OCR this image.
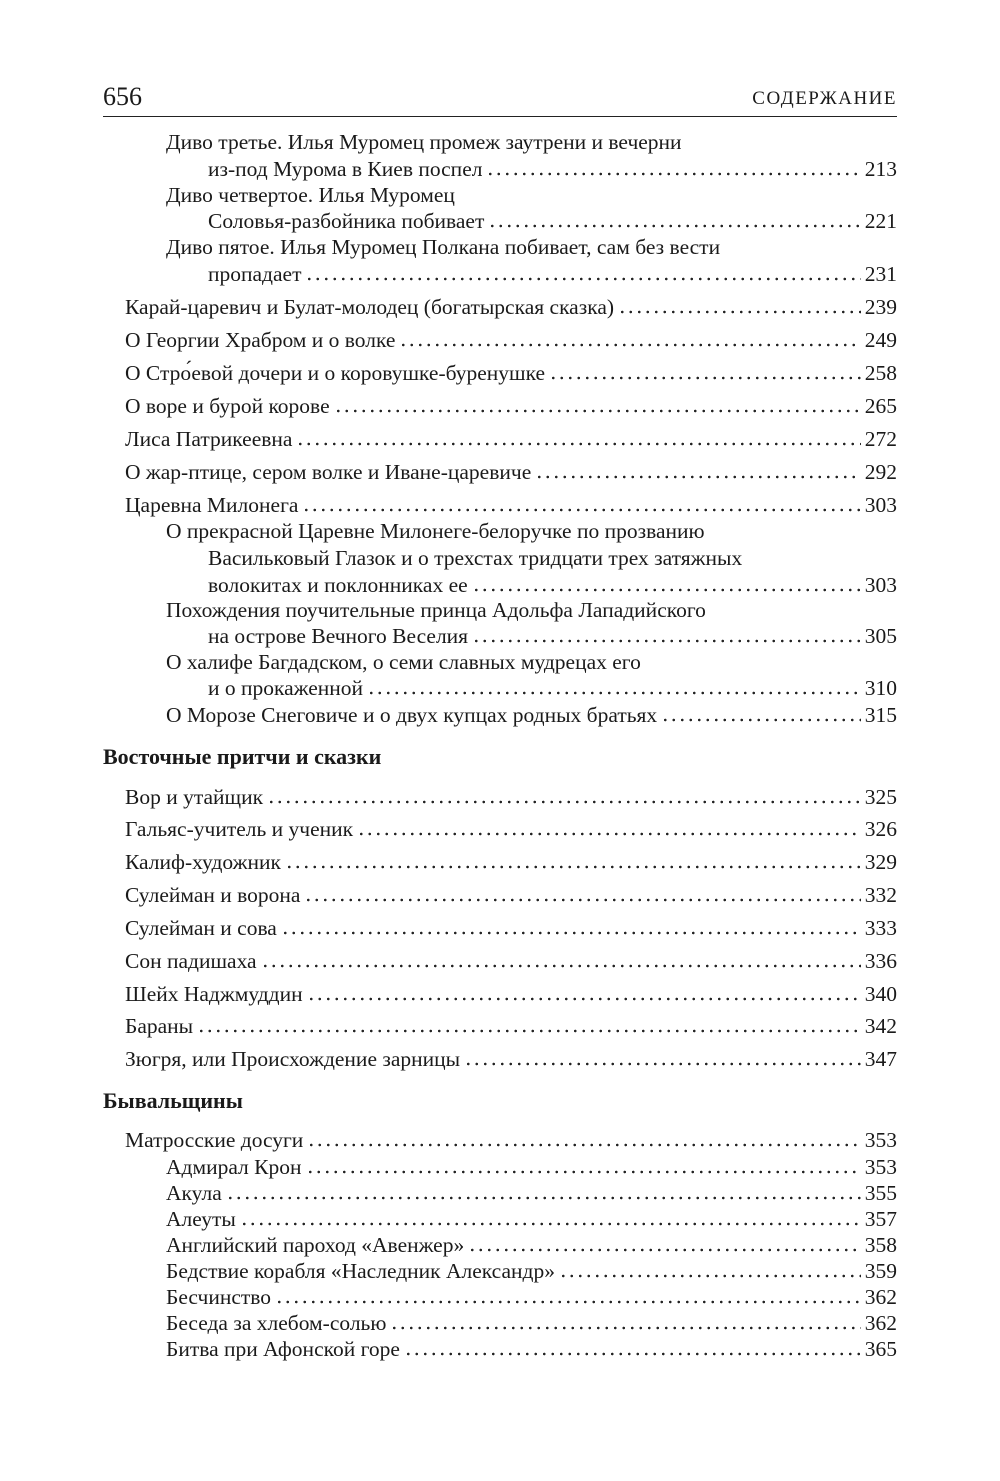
656	СОДЕРЖАНИЕ
Диво третье. Илья Муромец промеж заутрени и вечерни
из-под Мурома в Киев поспел	213
Диво четвертое. Илья Муромец
Соловья-разбойника побивает	221
Диво пятое. Илья Муромец Полкана побивает, сам без вести
пропадает	231
Карай-царевич и Булат-молодец (богатырская сказка)	239
О Георгии Храбром и о волке	249
О Стро́евой дочери и о коровушке-буренушке	258
О воре и бурой корове	265
Лиса Патрикеевна	272
О жар-птице, сером волке и Иване-царевиче	292
Царевна Милонега	303
О прекрасной Царевне Милонеге-белоручке по прозванию
Васильковый Глазок и о трехстах тридцати трех затяжных
волокитах и поклонниках ее	303
Похождения поучительные принца Адольфа Лападийского
на острове Вечного Веселия	305
О халифе Багдадском, о семи славных мудрецах его
и о прокаженной	310
О Морозе Снеговиче и о двух купцах родных братьях	315
Восточные притчи и сказки
Вор и утайщик	325
Гальяс-учитель и ученик	326
Калиф-художник	329
Сулейман и ворона	332
Сулейман и сова	333
Сон падишаха	336
Шейх Наджмуддин	340
Бараны	342
Зюгря, или Происхождение зарницы	347
Бывальщины
Матросские досуги	353
Адмирал Крон	353
Акула	355
Алеуты	357
Английский пароход «Авенжер»	358
Бедствие корабля «Наследник Александр»	359
Бесчинство	362
Беседа за хлебом-солью	362
Битва при Афонской горе	365
